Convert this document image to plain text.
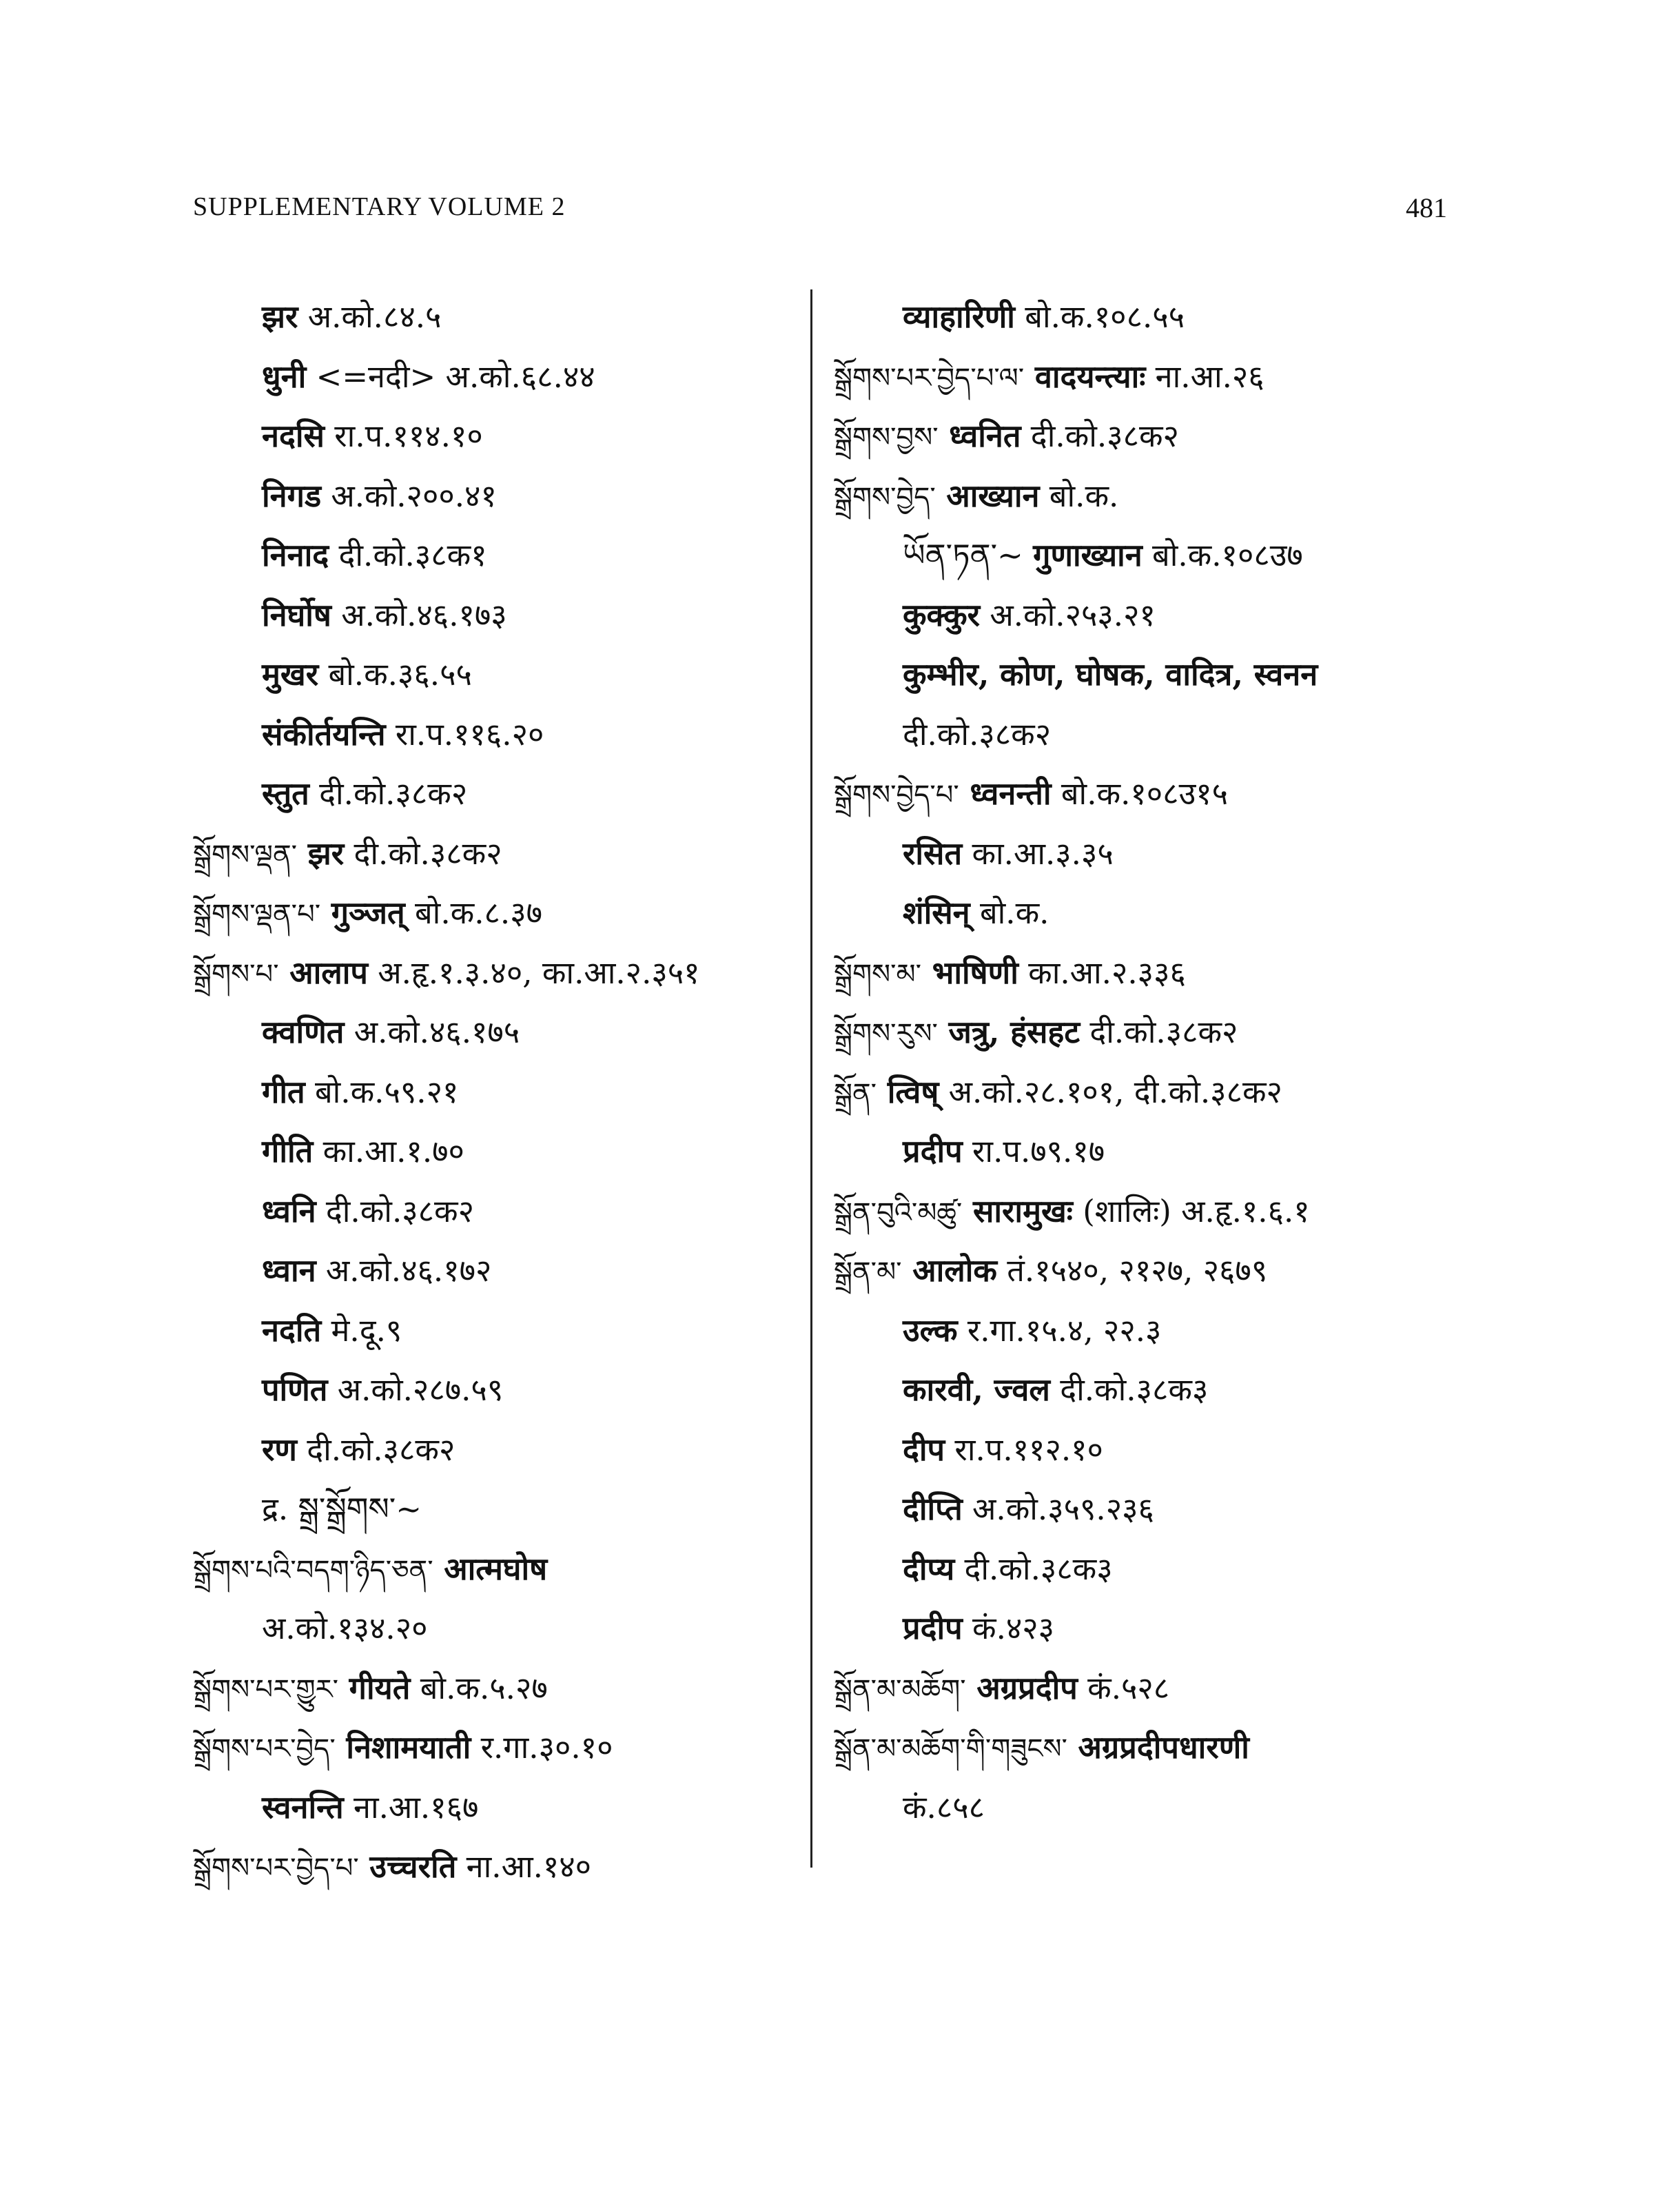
SUPPLEMENTARY VOLUME 2	481
झर अ.को.८४.५
धुनी <=नदी> अ.को.६८.४४
नदसि रा.प.११४.१०
निगड अ.को.२००.४१
निनाद दी.को.३८क१
निर्घोष अ.को.४६.१७३
मुखर बो.क.३६.५५
संकीर्तयन्ति रा.प.११६.२०
स्तुत दी.को.३८क२
སྒྲོགས་ལྡན་ झर दी.को.३८क२
སྒྲོགས་ལྡན་པ་ गुञ्जत् बो.क.८.३७
སྒྲོགས་པ་ आलाप अ.हृ.१.३.४०, का.आ.२.३५१
क्वणित अ.को.४६.१७५
गीत बो.क.५९.२१
गीति का.आ.१.७०
ध्वनि दी.को.३८क२
ध्वान अ.को.४६.१७२
नदति मे.दू.९
पणित अ.को.२८७.५९
रण दी.को.३८क२
द्र. སྒྲ་སྒྲོགས་~
སྒྲོགས་པའི་བདག་ཉིད་ཅན་ आत्मघोष
अ.को.१३४.२०
སྒྲོགས་པར་གྱུར་ गीयते बो.क.५.२७
སྒྲོགས་པར་བྱེད་ निशामयाती र.गा.३०.१०
स्वनन्ति ना.आ.१६७
སྒྲོགས་པར་བྱེད་པ་ उच्चरति ना.आ.१४०
व्याहारिणी बो.क.१०८.५५
སྒྲོགས་པར་བྱེད་པ་ལ་ वादयन्त्याः ना.आ.२६
སྒྲོགས་བྱས་ ध्वनित दी.को.३८क२
སྒྲོགས་བྱེད་ आख्यान बो.क.
ཡོན་ཏན་~ गुणाख्यान बो.क.१०८उ७
कुक्कुर अ.को.२५३.२१
कुम्भीर, कोण, घोषक, वादित्र, स्वनन
दी.को.३८क२
སྒྲོགས་བྱེད་པ་ ध्वनन्ती बो.क.१०८उ१५
रसित का.आ.३.३५
शंसिन् बो.क.
སྒྲོགས་མ་ भाषिणी का.आ.२.३३६
སྒྲོགས་རུས་ जत्रु, हंसहट दी.को.३८क२
སྒྲོན་ त्विष् अ.को.२८.१०१, दी.को.३८क२
प्रदीप रा.प.७९.१७
སྒྲོན་བུའི་མཚུ་ सारामुखः (शालिः) अ.हृ.१.६.१
སྒྲོན་མ་ आलोक तं.१५४०, २१२७, २६७९
उल्क र.गा.१५.४, २२.३
कारवी, ज्वल दी.को.३८क३
दीप रा.प.११२.१०
दीप्ति अ.को.३५९.२३६
दीप्य दी.को.३८क३
प्रदीप कं.४२३
སྒྲོན་མ་མཆོག་ अग्रप्रदीप कं.५२८
སྒྲོན་མ་མཆོག་གི་གཟུངས་ अग्रप्रदीपधारणी
कं.८५८
